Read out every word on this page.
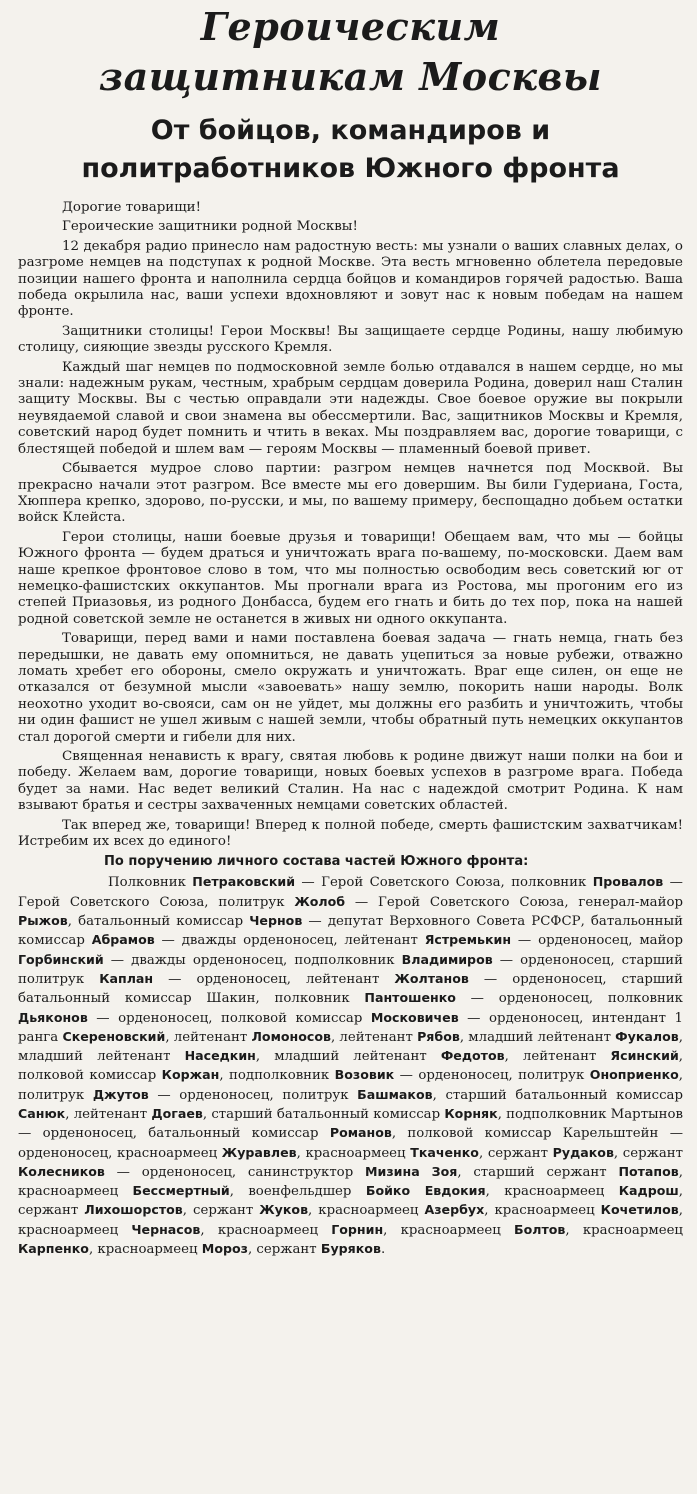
Героическим
защитникам Москвы
От бойцов, командиров и
политработников Южного фронта

Дорогие товарищи!

Героические защитники родной Москвы!

12 декабря радио принесло нам радостную весть: мы узнали о ваших славных делах, о разгроме немцев на подступах к родной Москве. Эта весть мгновенно облетела передовые позиции нашего фронта и наполнила сердца бойцов и командиров горячей радостью. Ваша победа окрылила нас, ваши успехи вдохновляют и зовут нас к новым победам на нашем фронте.

Защитники столицы! Герои Москвы! Вы защищаете сердце Родины, нашу любимую столицу, сияющие звезды русского Кремля.

Каждый шаг немцев по подмосковной земле болью отдавался в нашем сердце, но мы знали: надежным рукам, честным, храбрым сердцам доверила Родина, доверил наш Сталин защиту Москвы. Вы с честью оправдали эти надежды. Свое боевое оружие вы покрыли неувядаемой славой и свои знамена вы обессмертили. Вас, защитников Москвы и Кремля, советский народ будет помнить и чтить в веках. Мы поздравляем вас, дорогие товарищи, с блестящей победой и шлем вам — героям Москвы — пламенный боевой привет.

Сбывается мудрое слово партии: разгром немцев начнется под Москвой. Вы прекрасно начали этот разгром. Все вместе мы его довершим. Вы били Гудериана, Госта, Хюппера крепко, здорово, по-русски, и мы, по вашему примеру, беспощадно добьем остатки войск Клейста.

Герои столицы, наши боевые друзья и товарищи! Обещаем вам, что мы — бойцы Южного фронта — будем драться и уничтожать врага по-вашему, по-московски. Даем вам наше крепкое фронтовое слово в том, что мы полностью освободим весь советский юг от немецко-фашистских оккупантов. Мы прогнали врага из Ростова, мы прогоним его из степей Приазовья, из родного Донбасса, будем его гнать и бить до тех пор, пока на нашей родной советской земле не останется в живых ни одного оккупанта.

Товарищи, перед вами и нами поставлена боевая задача — гнать немца, гнать без передышки, не давать ему опомниться, не давать уцепиться за новые рубежи, отважно ломать хребет его обороны, смело окружать и уничтожать. Враг еще силен, он еще не отказался от безумной мысли «завоевать» нашу землю, покорить наши народы. Волк неохотно уходит во-свояси, сам он не уйдет, мы должны его разбить и уничтожить, чтобы ни один фашист не ушел живым с нашей земли, чтобы обратный путь немецких оккупантов стал дорогой смерти и гибели для них.

Священная ненависть к врагу, святая любовь к родине движут наши полки на бои и победу. Желаем вам, дорогие товарищи, новых боевых успехов в разгроме врага. Победа будет за нами. Нас ведет великий Сталин. На нас с надеждой смотрит Родина. К нам взывают братья и сестры захваченных немцами советских областей.

Так вперед же, товарищи! Вперед к полной победе, смерть фашистским захватчикам! Истребим их всех до единого!

По поручению личного состава частей Южного фронта:

Полковник Петраковский — Герой Советского Союза, полковник Провалов — Герой Советского Союза, политрук Жолоб — Герой Советского Союза, генерал-майор Рыжов, батальонный комиссар Чернов — депутат Верховного Совета РСФСР, батальонный комиссар Абрамов — дважды орденоносец, лейтенант Ястремькин — орденоносец, майор Горбинский — дважды орденоносец, подполковник Владимиров — орденоносец, старший политрук Каплан — орденоносец, лейтенант Жолтанов — орденоносец, старший батальонный комиссар Шакин, полковник Пантошенко — орденоносец, полковник Дьяконов — орденоносец, полковой комиссар Московичев — орденоносец, интендант 1 ранга Скереновский, лейтенант Ломоносов, лейтенант Рябов, младший лейтенант Фукалов, младший лейтенант Наседкин, младший лейтенант Федотов, лейтенант Ясинский, полковой комиссар Коржан, подполковник Возовик — орденоносец, политрук Оноприенко, политрук Джутов — орденоносец, политрук Башмаков, старший батальонный комиссар Санюк, лейтенант Догаев, старший батальонный комиссар Корняк, подполковник Мартынов — орденоносец, батальонный комиссар Романов, полковой комиссар Карельштейн — орденоносец, красноармеец Журавлев, красноармеец Ткаченко, сержант Рудаков, сержант Колесников — орденоносец, санинструктор Мизина Зоя, старший сержант Потапов, красноармеец Бессмертный, военфельдшер Бойко Евдокия, красноармеец Кадрош, сержант Лихошорстов, сержант Жуков, красноармеец Азербух, красноармеец Кочетилов, красноармеец Чернасов, красноармеец Горнин, красноармеец Болтов, красноармеец Карпенко, красноармеец Мороз, сержант Буряков.
